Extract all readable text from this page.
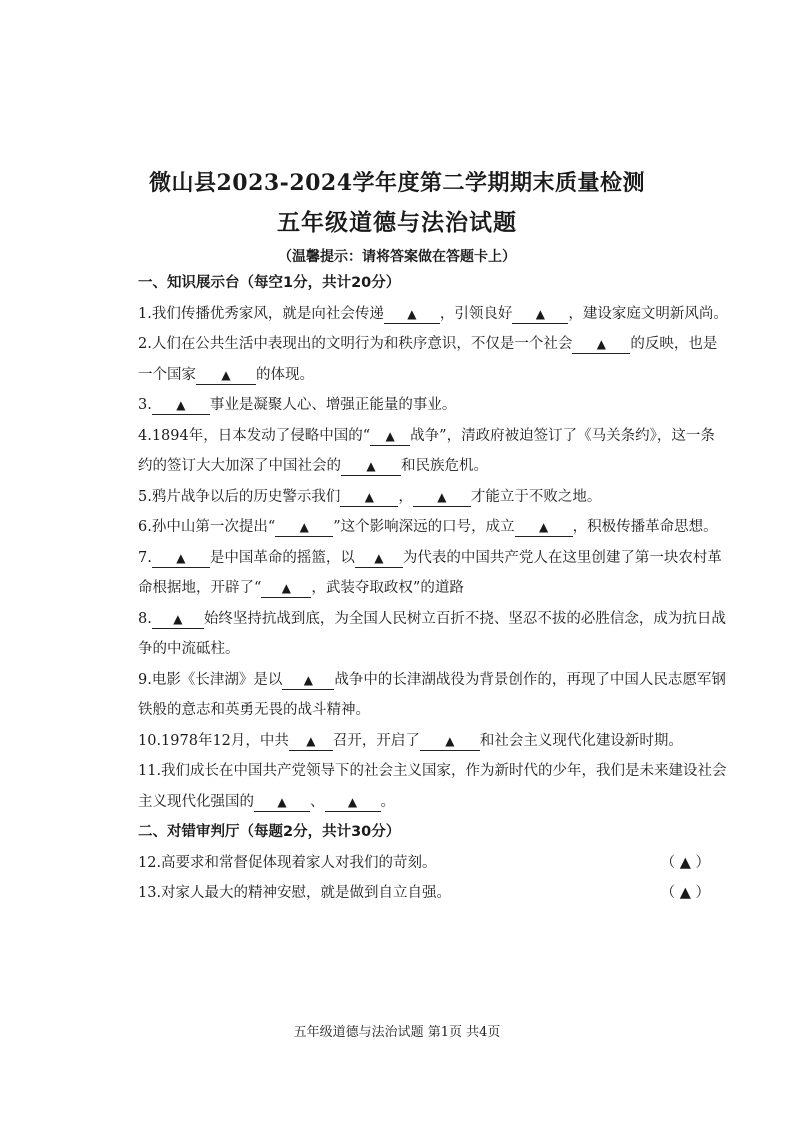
微山县2023-2024学年度第二学期期末质量检测
五年级道德与法治试题
（温馨提示：请将答案做在答题卡上）
一、知识展示台（每空1分，共计20分）
1.我们传播优秀家风，就是向社会传递 ▲ ，引领良好 ▲ ，建设家庭文明新风尚。
2.人们在公共生活中表现出的文明行为和秩序意识，不仅是一个社会 ▲ 的反映，也是一个国家 ▲ 的体现。
3. ▲ 事业是凝聚人心、增强正能量的事业。
4.1894年，日本发动了侵略中国的“ ▲ 战争”，清政府被迫签订了《马关条约》，这一条约的签订大大加深了中国社会的 ▲ 和民族危机。
5.鸦片战争以后的历史警示我们 ▲ ， ▲ 才能立于不败之地。
6.孙中山第一次提出“ ▲ ”这个影响深远的口号，成立 ▲ ，积极传播革命思想。
7. ▲ 是中国革命的摇篮，以 ▲ 为代表的中国共产党人在这里创建了第一块农村革命根据地，开辟了“ ▲ ，武装夺取政权”的道路
8. ▲ 始终坚持抗战到底，为全国人民树立百折不挠、坚忍不拔的必胜信念，成为抗日战争的中流砥柱。
9.电影《长津湖》是以 ▲ 战争中的长津湖战役为背景创作的，再现了中国人民志愿军钢铁般的意志和英勇无畏的战斗精神。
10.1978年12月，中共 ▲ 召开，开启了 ▲ 和社会主义现代化建设新时期。
11.我们成长在中国共产党领导下的社会主义国家，作为新时代的少年，我们是未来建设社会主义现代化强国的 ▲ 、 ▲ 。
二、对错审判厅（每题2分，共计30分）
12.高要求和常督促体现着家人对我们的苛刻。	（ ▲ ）
13.对家人最大的精神安慰，就是做到自立自强。	（ ▲ ）
五年级道德与法治试题 第1页 共4页
